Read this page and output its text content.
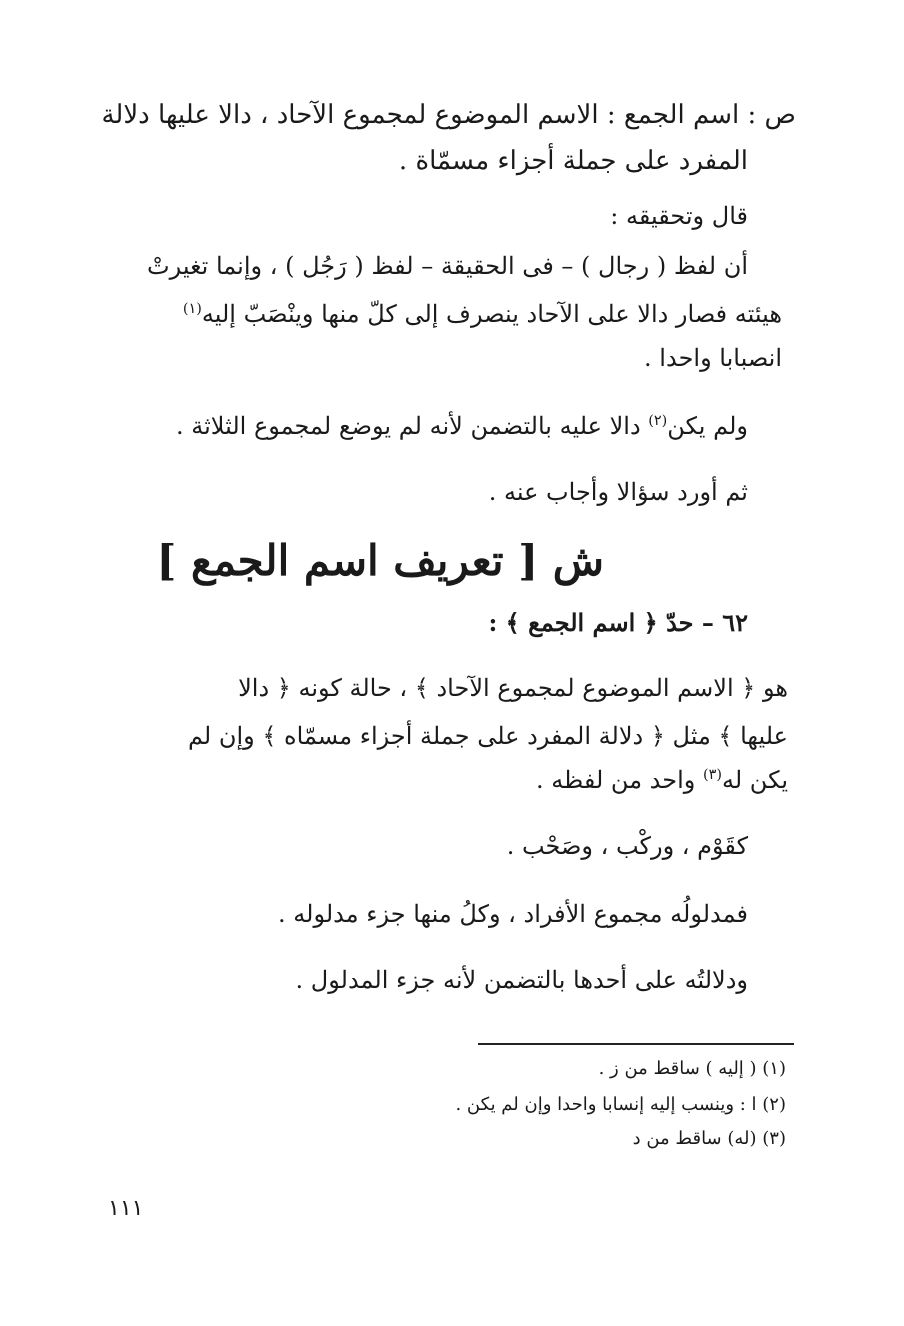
ص : اسم الجمع : الاسم الموضوع لمجموع الآحاد ، دالا عليها دلالة
المفرد على جملة أجزاء مسمّاة .
قال وتحقيقه :
أن لفظ ( رجال ) – فى الحقيقة – لفظ ( رَجُل ) ، وإنما تغيرتْ
هيئته فصار دالا على الآحاد ينصرف إلى كلّ منها وينْصَبّ إليه$^{(١)}$
انصبابا واحدا .
ولم يكن$^{(٢)}$ دالا عليه بالتضمن لأنه لم يوضع لمجموع الثلاثة .
ثم أورد سؤالا وأجاب عنه .
ش [ تعريف اسم الجمع ]
٦٢ – حدّ ﴿ اسم الجمع ﴾ :
هو ﴿ الاسم الموضوع لمجموع الآحاد ﴾ ، حالة كونه ﴿ دالا
عليها ﴾ مثل ﴿ دلالة المفرد على جملة أجزاء مسمّاه ﴾ وإن لم
يكن له$^{(٣)}$ واحد من لفظه .
كقَوْم ، وركْب ، وصَحْب .
فمدلولُه مجموع الأفراد ، وكلُ منها جزء مدلوله .
ودلالتُه على أحدها بالتضمن لأنه جزء المدلول .
(١) ( إليه ) ساقط من ز .
(٢) ا : وينسب إليه إنسابا واحدا وإن لم يكن .
(٣) (له) ساقط من د
١١١
